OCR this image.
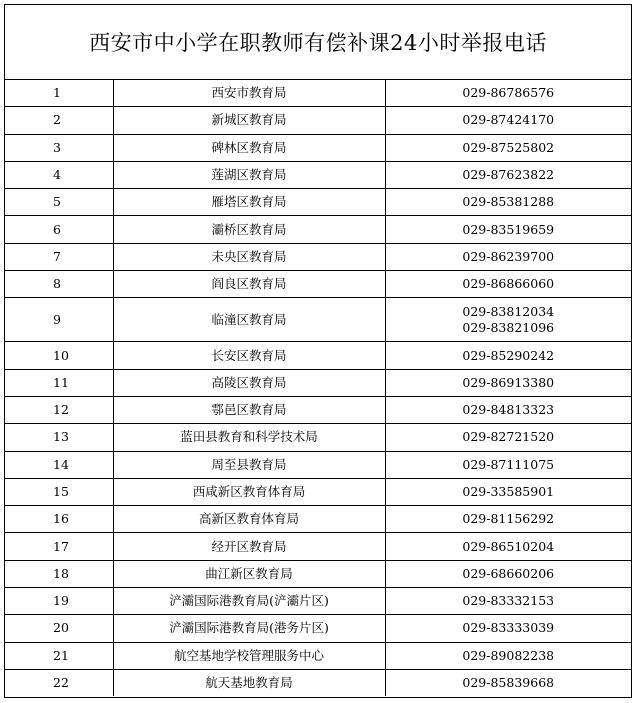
西安市中小学在职教师有偿补课24小时举报电话
1	西安市教育局	029-86786576

2	新城区教育局	029-87424170

3	碑林区教育局	029-87525802

4	莲湖区教育局	029-87623822

5	雁塔区教育局	029-85381288

6	灞桥区教育局	029-83519659

7	未央区教育局	029-86239700

8	阎良区教育局	029-86866060

9	临潼区教育局	029-83812034
029-83821096

10	长安区教育局	029-85290242

11	高陵区教育局	029-86913380

12	鄠邑区教育局	029-84813323

13	蓝田县教育和科学技术局	029-82721520

14	周至县教育局	029-87111075

15	西咸新区教育体育局	029-33585901

16	高新区教育体育局	029-81156292

17	经开区教育局	029-86510204

18	曲江新区教育局	029-68660206

19	浐灞国际港教育局(浐灞片区)	029-83332153

20	浐灞国际港教育局(港务片区)	029-83333039

21	航空基地学校管理服务中心	029-89082238

22	航天基地教育局	029-85839668
